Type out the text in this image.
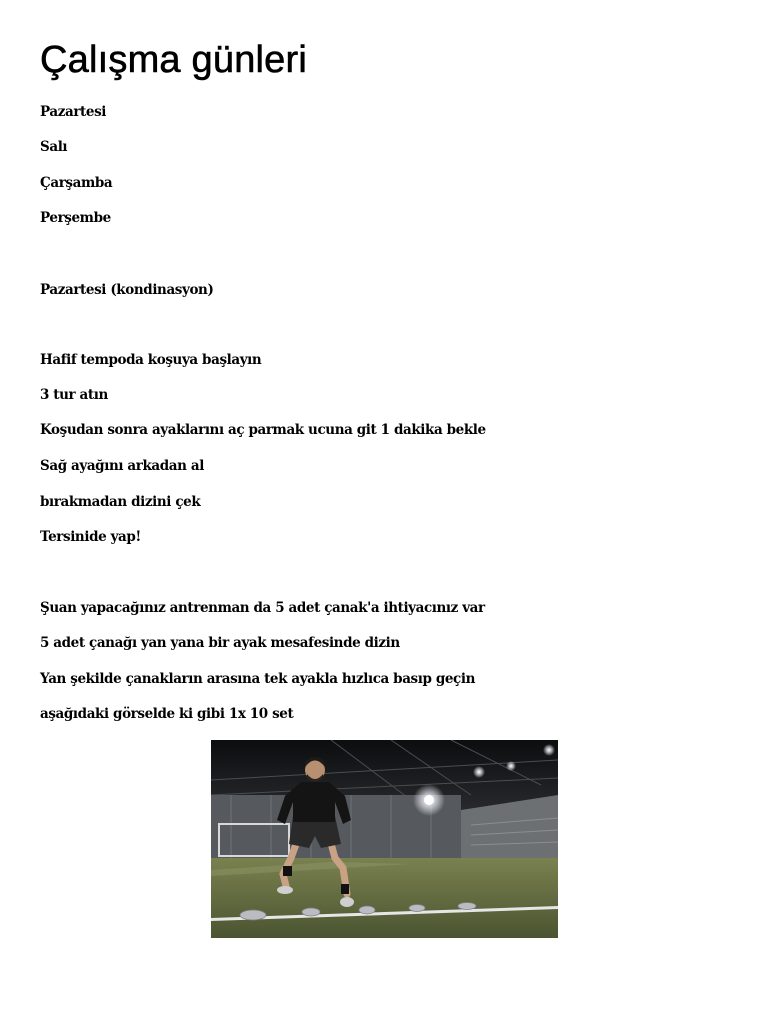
Çalışma günleri

Pazartesi

Salı

Çarşamba

Perşembe

Pazartesi (kondinasyon)

Hafif tempoda koşuya başlayın

3 tur atın

Koşudan sonra ayaklarını aç parmak ucuna git 1 dakika bekle

Sağ ayağını arkadan al

bırakmadan dizini çek

Tersinide yap!

Şuan yapacağınız antrenman da 5 adet çanak'a ihtiyacınız var

5 adet çanağı yan yana bir ayak mesafesinde dizin

Yan şekilde çanakların arasına tek ayakla hızlıca basıp geçin

aşağıdaki görselde ki gibi 1x 10 set
